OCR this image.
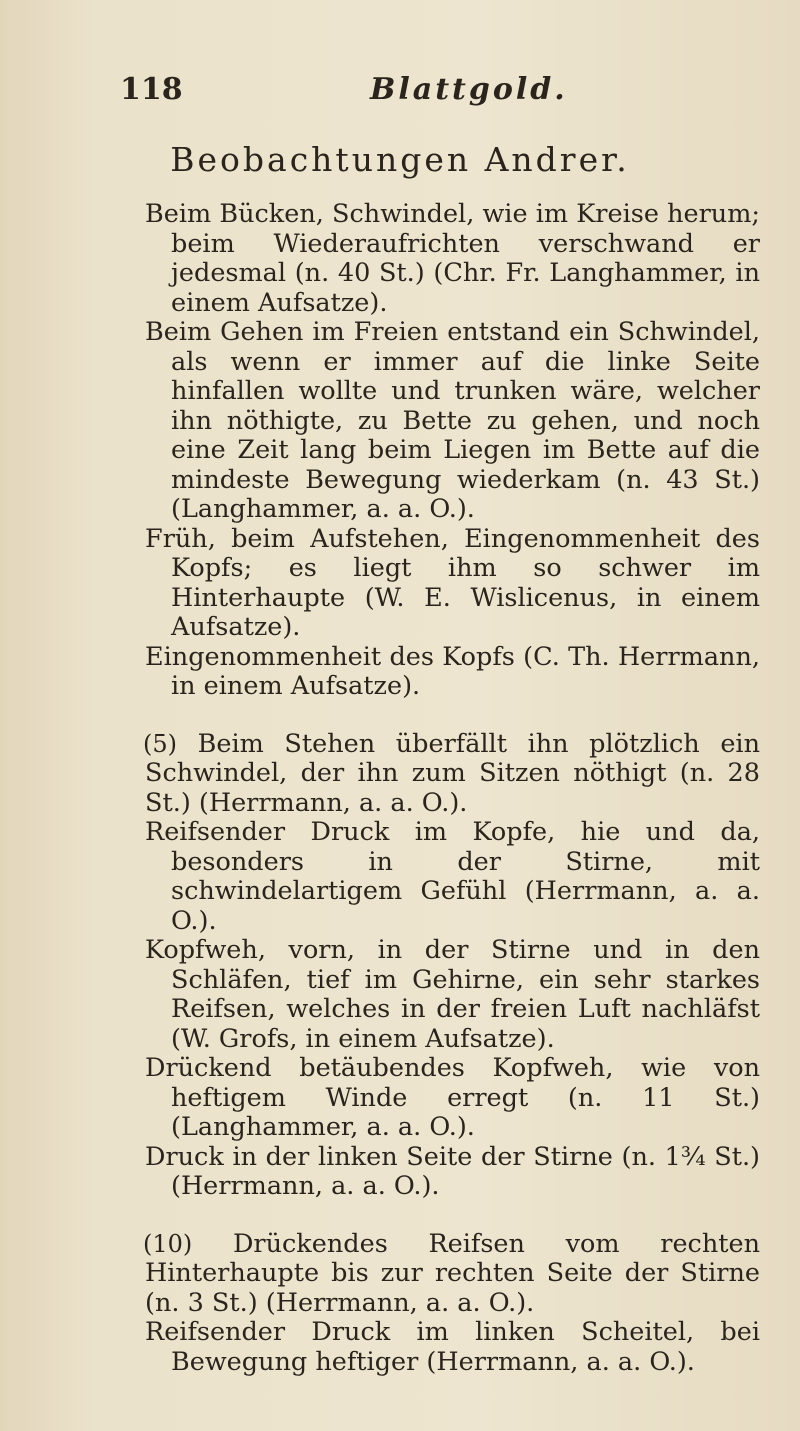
118	Blattgold.
Beobachtungen Andrer.

Beim Bücken, Schwindel, wie im Kreise herum; beim Wiederaufrichten verschwand er jedesmal (n. 40 St.) (Chr. Fr. Langhammer, in einem Aufsatze).

Beim Gehen im Freien entstand ein Schwindel, als wenn er immer auf die linke Seite hinfallen wollte und trunken wäre, welcher ihn nöthigte, zu Bette zu gehen, und noch eine Zeit lang beim Liegen im Bette auf die mindeste Bewegung wiederkam (n. 43 St.) (Langhammer, a. a. O.).

Früh, beim Aufstehen, Eingenommenheit des Kopfs; es liegt ihm so schwer im Hinterhaupte (W. E. Wislicenus, in einem Aufsatze).

Eingenommenheit des Kopfs (C. Th. Herrmann, in einem Aufsatze).

(5) Beim Stehen überfällt ihn plötzlich ein Schwindel, der ihn zum Sitzen nöthigt (n. 28 St.) (Herrmann, a. a. O.).

Reifsender Druck im Kopfe, hie und da, besonders in der Stirne, mit schwindelartigem Gefühl (Herrmann, a. a. O.).

Kopfweh, vorn, in der Stirne und in den Schläfen, tief im Gehirne, ein sehr starkes Reifsen, welches in der freien Luft nachläfst (W. Grofs, in einem Aufsatze).

Drückend betäubendes Kopfweh, wie von heftigem Winde erregt (n. 11 St.) (Langhammer, a. a. O.).

Druck in der linken Seite der Stirne (n. 1¾ St.) (Herrmann, a. a. O.).

(10) Drückendes Reifsen vom rechten Hinterhaupte bis zur rechten Seite der Stirne (n. 3 St.) (Herrmann, a. a. O.).

Reifsender Druck im linken Scheitel, bei Bewegung heftiger (Herrmann, a. a. O.).
